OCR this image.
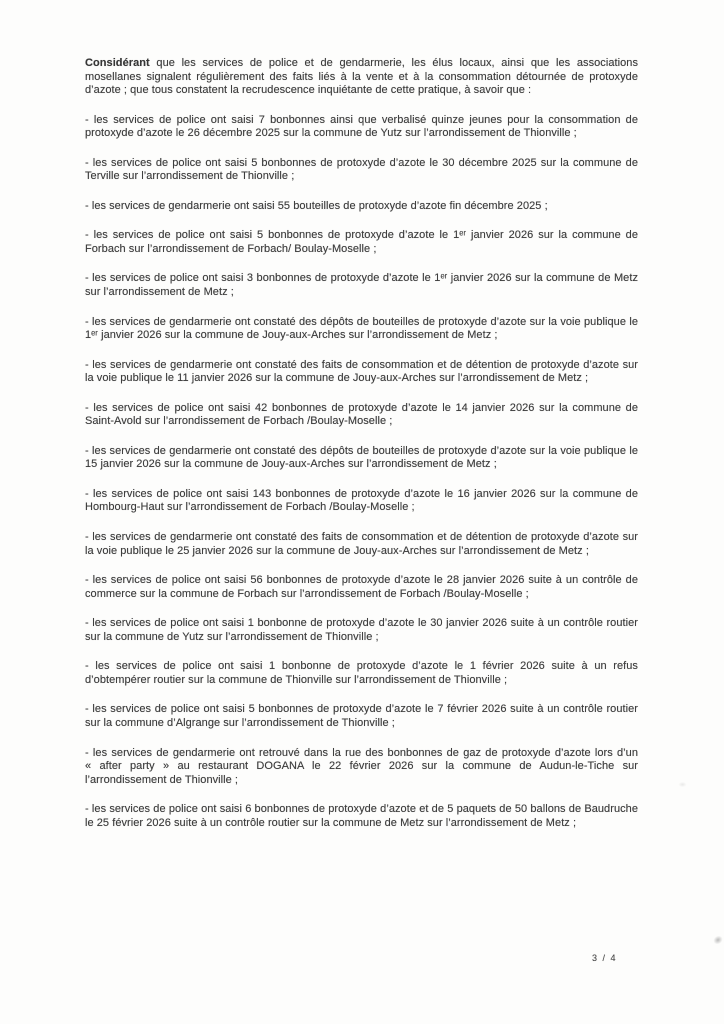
Considérant que les services de police et de gendarmerie, les élus locaux, ainsi que les associations mosellanes signalent régulièrement des faits liés à la vente et à la consommation détournée de protoxyde d’azote ; que tous constatent la recrudescence inquiétante de cette pratique, à savoir que :

- les services de police ont saisi 7 bonbonnes ainsi que verbalisé quinze jeunes pour la consommation de protoxyde d’azote le 26 décembre 2025 sur la commune de Yutz sur l’arrondissement de Thionville ;

- les services de police ont saisi 5 bonbonnes de protoxyde d’azote le 30 décembre 2025 sur la commune de Terville sur l’arrondissement de Thionville ;

- les services de gendarmerie ont saisi 55 bouteilles de protoxyde d’azote fin décembre 2025 ;

- les services de police ont saisi 5 bonbonnes de protoxyde d’azote le 1ᵉʳ janvier 2026 sur la commune de Forbach sur l’arrondissement de Forbach/ Boulay-Moselle ;

- les services de police ont saisi 3 bonbonnes de protoxyde d’azote le 1ᵉʳ janvier 2026 sur la commune de Metz sur l’arrondissement de Metz ;

- les services de gendarmerie ont constaté des dépôts de bouteilles de protoxyde d’azote sur la voie publique le 1ᵉʳ janvier 2026 sur la commune de Jouy-aux-Arches sur l’arrondissement de Metz ;

- les services de gendarmerie ont constaté des faits de consommation et de détention de protoxyde d’azote sur la voie publique le 11 janvier 2026 sur la commune de Jouy-aux-Arches sur l’arrondissement de Metz ;

- les services de police ont saisi 42 bonbonnes de protoxyde d’azote le 14 janvier 2026 sur la commune de Saint-Avold sur l’arrondissement de Forbach /Boulay-Moselle ;

- les services de gendarmerie ont constaté des dépôts de bouteilles de protoxyde d’azote sur la voie publique le 15 janvier 2026 sur la commune de Jouy-aux-Arches sur l’arrondissement de Metz ;

- les services de police ont saisi 143 bonbonnes de protoxyde d’azote le 16 janvier 2026 sur la commune de Hombourg-Haut sur l’arrondissement de Forbach /Boulay-Moselle ;

- les services de gendarmerie ont constaté des faits de consommation et de détention de protoxyde d’azote sur la voie publique le 25 janvier 2026 sur la commune de Jouy-aux-Arches sur l’arrondissement de Metz ;

- les services de police ont saisi 56 bonbonnes de protoxyde d’azote le 28 janvier 2026 suite à un contrôle de commerce sur la commune de Forbach sur l’arrondissement de Forbach /Boulay-Moselle ;

- les services de police ont saisi 1 bonbonne de protoxyde d’azote le 30 janvier 2026 suite à un contrôle routier sur la commune de Yutz sur l’arrondissement de Thionville ;

- les services de police ont saisi 1 bonbonne de protoxyde d’azote le 1 février 2026 suite à un refus d’obtempérer routier sur la commune de Thionville sur l’arrondissement de Thionville ;

- les services de police ont saisi 5 bonbonnes de protoxyde d’azote le 7 février 2026 suite à un contrôle routier sur la commune d’Algrange sur l’arrondissement de Thionville ;

- les services de gendarmerie ont retrouvé dans la rue des bonbonnes de gaz de protoxyde d’azote lors d’un « after party » au restaurant DOGANA le 22 février 2026 sur la commune de Audun-le-Tiche sur l’arrondissement de Thionville ;

- les services de police ont saisi 6 bonbonnes de protoxyde d’azote et de 5 paquets de 50 ballons de Baudruche le 25 février 2026 suite à un contrôle routier sur la commune de Metz sur l’arrondissement de Metz ;

3 / 4
